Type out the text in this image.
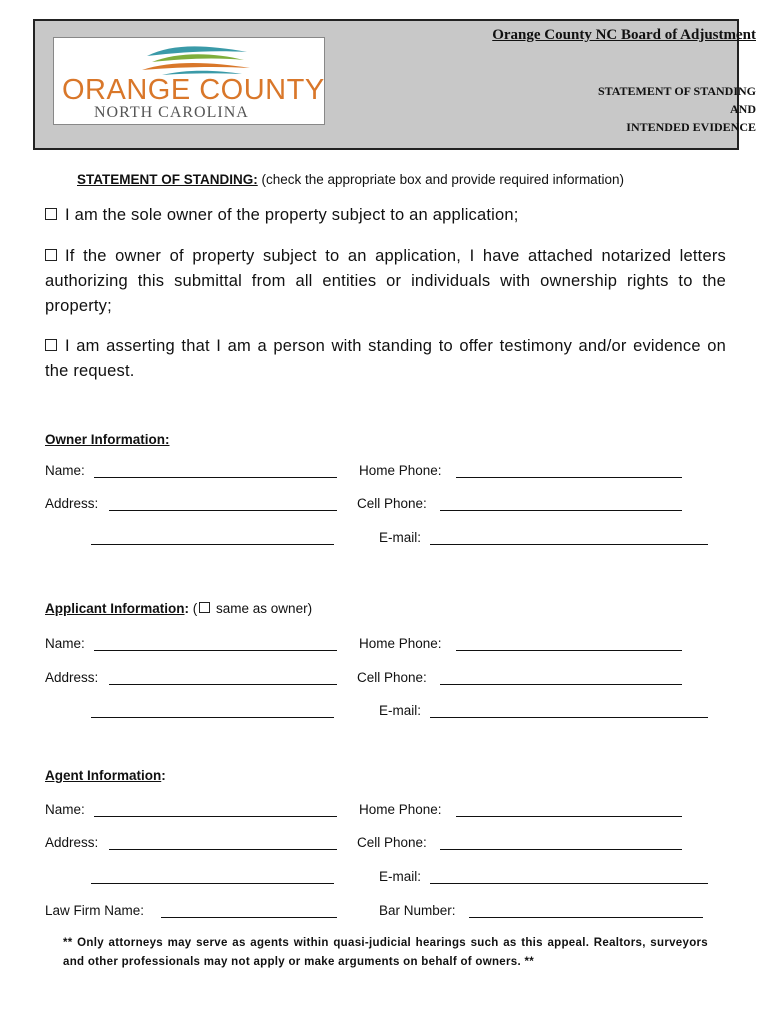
ORANGE COUNTY
NORTH CAROLINA
Orange County NC Board of Adjustment
STATEMENT OF STANDING
AND
INTENDED EVIDENCE
STATEMENT OF STANDING: (check the appropriate box and provide required information)
I am the sole owner of the property subject to an application;
If the owner of property subject to an application, I have attached notarized letters authorizing this submittal from all entities or individuals with ownership rights to the property;
I am asserting that I am a person with standing to offer testimony and/or evidence on the request.
Owner Information:
Name:	Home Phone:
Address:	Cell Phone:
E-mail:
Applicant Information: ( same as owner)
Name:	Home Phone:
Address:	Cell Phone:
E-mail:
Agent Information:
Name:	Home Phone:
Address:	Cell Phone:
E-mail:
Law Firm Name:	Bar Number:
** Only attorneys may serve as agents within quasi-judicial hearings such as this appeal. Realtors, surveyors and other professionals may not apply or make arguments on behalf of owners. **
